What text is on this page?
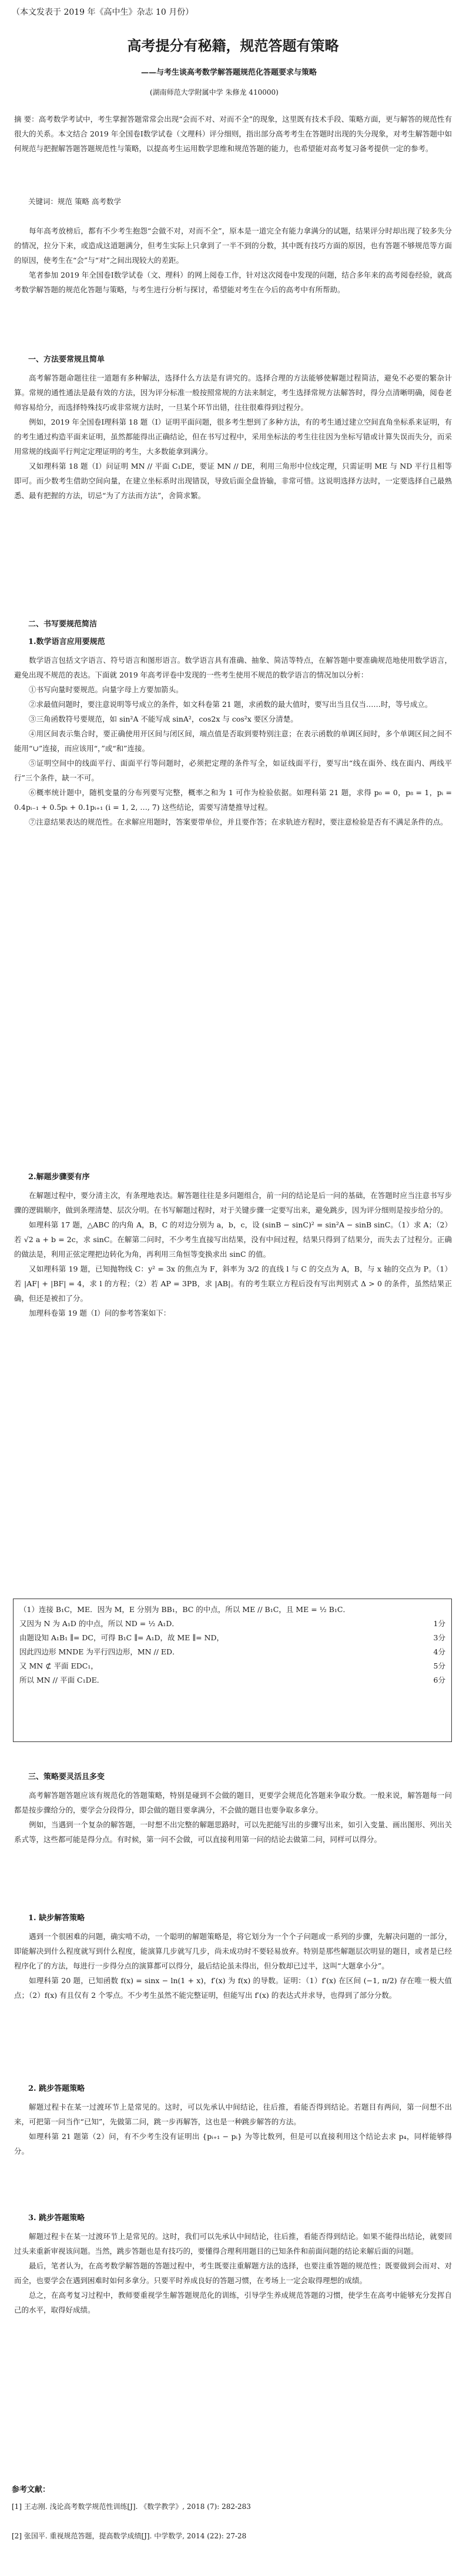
（本文发表于 2019 年《高中生》杂志 10 月份）
高考提分有秘籍，规范答题有策略
——与考生谈高考数学解答题规范化答题要求与策略
(湖南师范大学附属中学 朱修龙 410000)

摘 要：高考数学考试中，考生掌握答题常常会出现“会而不对、对而不全”的现象，这里既有技术手段、策略方面，更与解答的规范性有很大的关系。本文结合 2019 年全国卷Ⅰ数学试卷（文理科）评分细则，指出部分高考考生在答题时出现的失分现象，对考生解答题中如何规范与把握解答题答题规范性与策略，以提高考生运用数学思维和规范答题的能力，也希望能对高考复习备考提供一定的参考。

关键词：规范 策略 高考数学

每年高考放榜后，都有不少考生抱怨“会做不对，对而不全”，原本是一道完全有能力拿满分的试题，结果评分时却出现了较多失分的情况，拉分下来，或造成这道题满分，但考生实际上只拿到了一半不到的分数，其中既有技巧方面的原因，也有答题不够规范等方面的原因，使考生在“会”与“对”之间出现较大的差距。

笔者参加 2019 年全国卷Ⅰ数学试卷（文、理科）的网上阅卷工作，针对这次阅卷中发现的问题，结合多年来的高考阅卷经验，就高考数学解答题的规范化答题与策略，与考生进行分析与探讨，希望能对考生在今后的高考中有所帮助。

一、方法要常规且简单

高考解答题命题往往一道题有多种解法，选择什么方法是有讲究的。选择合理的方法能够使解题过程简洁，避免不必要的繁杂计算。常规的通性通法是最有效的方法，因为评分标准一般按照常规的方法来制定，考生选择常规方法解答时，得分点清晰明确，阅卷老师容易给分，而选择特殊技巧或非常规方法时，一旦某个环节出错，往往很难得到过程分。

例如，2019 年全国卷Ⅰ理科第 18 题（Ⅰ）证明平面问题，很多考生想到了多种方法，有的考生通过建立空间直角坐标系来证明，有的考生通过构造平面来证明，虽然都能得出正确结论，但在书写过程中，采用坐标法的考生往往因为坐标写错或计算失误而失分，而采用常规的线面平行判定定理证明的考生，大多数能拿到满分。

又如理科第 18 题（Ⅰ）问证明 MN // 平面 C₁DE，要证 MN // DE，利用三角形中位线定理，只需证明 ME 与 ND 平行且相等即可。而少数考生借助空间向量，在建立坐标系时出现错误，导致后面全盘皆输，非常可惜。这说明选择方法时，一定要选择自己最熟悉、最有把握的方法，切忌“为了方法而方法”，舍简求繁。

二、书写要规范简洁
1.数学语言应用要规范

数学语言包括文字语言、符号语言和图形语言。数学语言具有准确、抽象、简洁等特点，在解答题中要准确规范地使用数学语言，避免出现不规范的表达。下面就 2019 年高考评卷中发现的一些考生使用不规范的数学语言的情况加以分析：

①书写向量时要规范。向量字母上方要加箭头。

②求最值问题时，要注意说明等号成立的条件，如文科卷第 21 题，求函数的最大值时，要写出当且仅当……时，等号成立。

③三角函数符号要规范，如 sin²A 不能写成 sinA²，cos2x 与 cos²x 要区分清楚。

④用区间表示集合时，要正确使用开区间与闭区间，端点值是否取到要特别注意；在表示函数的单调区间时，多个单调区间之间不能用“∪”连接，而应该用“，”或“和”连接。

⑤证明空间中的线面平行、面面平行等问题时，必须把定理的条件写全，如证线面平行，要写出“线在面外、线在面内、两线平行”三个条件，缺一不可。

⑥概率统计题中，随机变量的分布列要写完整，概率之和为 1 可作为检验依据。如理科第 21 题，求得 p₀ = 0，p₈ = 1，pᵢ = 0.4pᵢ₋₁ + 0.5pᵢ + 0.1pᵢ₊₁ (i = 1, 2, …, 7) 这些结论，需要写清楚推导过程。

⑦注意结果表达的规范性。在求解应用题时，答案要带单位，并且要作答；在求轨迹方程时，要注意检验是否有不满足条件的点。

2.解题步骤要有序

在解题过程中，要分清主次，有条理地表达。解答题往往是多问题组合，前一问的结论是后一问的基础，在答题时应当注意书写步骤的逻辑顺序，做到条理清楚、层次分明。在书写解题过程时，对于关键步骤一定要写出来，避免跳步，因为评分细则是按步给分的。

如理科第 17 题，△ABC 的内角 A，B，C 的对边分别为 a，b，c，设 (sinB − sinC)² = sin²A − sinB sinC。（1）求 A；（2）若 √2 a + b = 2c，求 sinC。在解第二问时，不少考生直接写出结果，没有中间过程，结果只得到了结果分，而失去了过程分。正确的做法是，利用正弦定理把边转化为角，再利用三角恒等变换求出 sinC 的值。

又如理科第 19 题，已知抛物线 C：y² = 3x 的焦点为 F，斜率为 3/2 的直线 l 与 C 的交点为 A，B，与 x 轴的交点为 P。（1）若 |AF| + |BF| = 4，求 l 的方程；（2）若 AP = 3PB，求 |AB|。有的考生联立方程后没有写出判别式 Δ > 0 的条件，虽然结果正确，但还是被扣了分。

加理科卷第 19 题（Ⅰ）问的参考答案如下：

（1）连接 B₁C，ME．因为 M，E 分别为 BB₁，BC 的中点，所以 ME // B₁C，且 ME = ½ B₁C．
又因为 N 为 A₁D 的中点，所以 ND = ½ A₁D．	1分
由题设知 A₁B₁ ∥= DC，可得 B₁C ∥= A₁D，故 ME ∥= ND，	3分
因此四边形 MNDE 为平行四边形，MN // ED．	4分
又 MN ⊄ 平面 EDC₁，	5分
所以 MN // 平面 C₁DE．	6分
三、策略要灵活且多变

高考解答题答题应该有规范化的答题策略，特别是碰到不会做的题目，更要学会规范化答题来争取分数。一般来说，解答题每一问都是按步骤给分的，要学会分段得分，即会做的题目要拿满分，不会做的题目也要争取多拿分。

例如，当遇到一个复杂的解答题，一时想不出完整的解题思路时，可以先把能写出的步骤写出来，如引入变量、画出图形、列出关系式等，这些都可能是得分点。有时候，第一问不会做，可以直接利用第一问的结论去做第二问，同样可以得分。

1. 缺步解答策略

遇到一个很困难的问题，确实啃不动，一个聪明的解题策略是，将它划分为一个个子问题或一系列的步骤，先解决问题的一部分，即能解决到什么程度就写到什么程度，能演算几步就写几步，尚未成功时不要轻易放弃。特别是那些解题层次明显的题目，或者是已经程序化了的方法，每进行一步得分点的演算都可以得分，最后结论虽未得出，但分数却已过半，这叫“大题拿小分”。

如理科第 20 题，已知函数 f(x) = sinx − ln(1 + x)，f′(x) 为 f(x) 的导数。证明：（1）f′(x) 在区间 (−1, π/2) 存在唯一极大值点；（2）f(x) 有且仅有 2 个零点。不少考生虽然不能完整证明，但能写出 f′(x) 的表达式并求导，也得到了部分分数。

2. 跳步答题策略

解题过程卡在某一过渡环节上是常见的。这时，可以先承认中间结论，往后推，看能否得到结论。若题目有两问，第一问想不出来，可把第一问当作“已知”，先做第二问，跳一步再解答，这也是一种跳步解答的方法。

如理科第 21 题第（2）问，有不少考生没有证明出 {pᵢ₊₁ − pᵢ} 为等比数列，但是可以直接利用这个结论去求 p₄，同样能够得分。

3. 跳步答题策略

解题过程卡在某一过渡环节上是常见的。这时，我们可以先承认中间结论，往后推，看能否得到结论。如果不能得出结论，就要回过头来重新审视该问题。当然，跳步答题也是有技巧的，要懂得合理利用题目的已知条件和前面问题的结论来解后面的问题。

最后，笔者认为，在高考数学解答题的答题过程中，考生既要注重解题方法的选择，也要注重答题的规范性；既要做到会而对、对而全，也要学会在遇到困难时如何多拿分。只要平时养成良好的答题习惯，在考场上一定会取得理想的成绩。

总之，在高考复习过程中，教师要重视学生解答题规范化的训练，引导学生养成规范答题的习惯，使学生在高考中能够充分发挥自己的水平，取得好成绩。

参考文献：
[1] 王志刚. 浅论高考数学规范性训练[J]. 《数学教学》, 2018 (7): 282-283
[2] 张国平. 重视规范答题，提高数学成绩[J]. 中学数学, 2014 (22): 27-28
